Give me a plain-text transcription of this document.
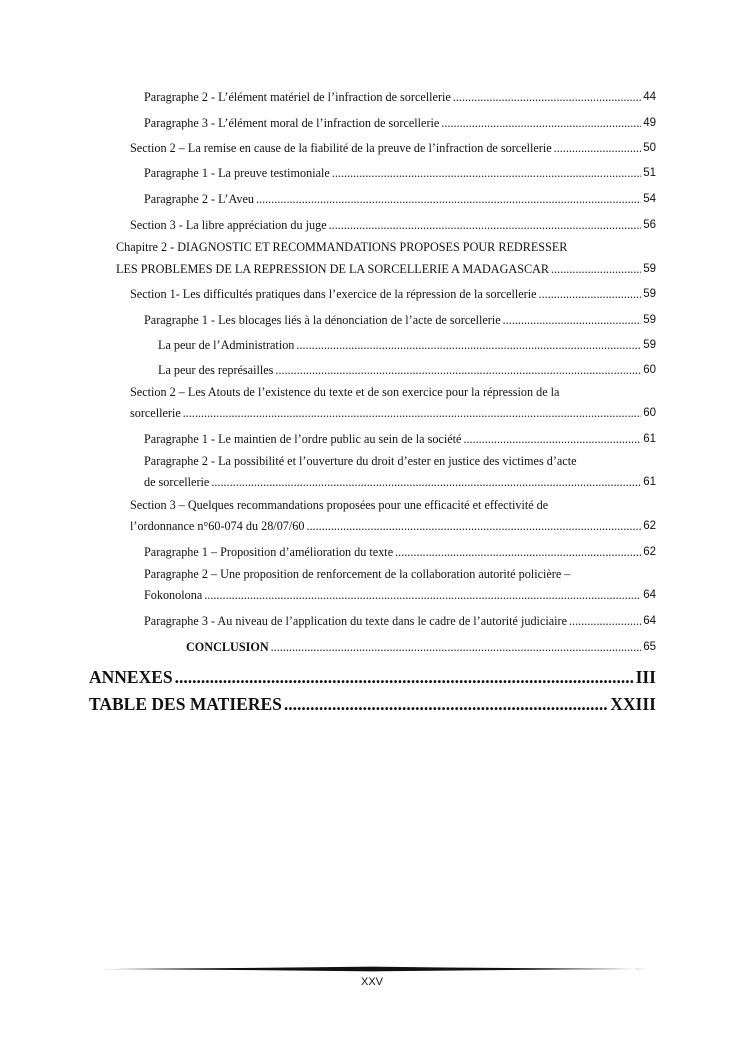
Paragraphe 2 - L’élément matériel de l’infraction de sorcellerie .....	44
Paragraphe 3 - L’élément moral de l’infraction de sorcellerie .....	49
Section 2 – La remise en cause de la fiabilité de la preuve de l’infraction de sorcellerie .....	50
Paragraphe 1 - La preuve testimoniale .....	51
Paragraphe 2 - L’Aveu .....	54
Section 3 - La libre appréciation du juge .....	56
Chapitre 2 - DIAGNOSTIC ET RECOMMANDATIONS PROPOSES POUR REDRESSER
LES PROBLEMES DE LA REPRESSION DE LA SORCELLERIE A MADAGASCAR .....	59
Section 1- Les difficultés pratiques dans l’exercice de la répression de la sorcellerie .....	59
Paragraphe 1 - Les blocages liés à la dénonciation de l’acte de sorcellerie .....	59
La peur de l’Administration .....	59
La peur des représailles .....	60
Section 2 – Les Atouts de l’existence du texte et de son exercice pour la répression de la
sorcellerie .....	60
Paragraphe 1 - Le maintien de l’ordre public au sein de la société .....	61
Paragraphe 2 - La possibilité et l’ouverture du droit d’ester en justice des victimes d’acte
de sorcellerie .....	61
Section 3 – Quelques recommandations proposées pour une efficacité et effectivité de
l’ordonnance n°60-074 du 28/07/60 .....	62
Paragraphe 1 – Proposition d’amélioration du texte .....	62
Paragraphe 2 – Une proposition de renforcement de la collaboration autorité policière –
Fokonolona .....	64
Paragraphe 3 - Au niveau de l’application du texte dans le cadre de l’autorité judiciaire .....	64
CONCLUSION .....	65
ANNEXES .....	III
TABLE DES MATIERES .....	XXIII
XXV
